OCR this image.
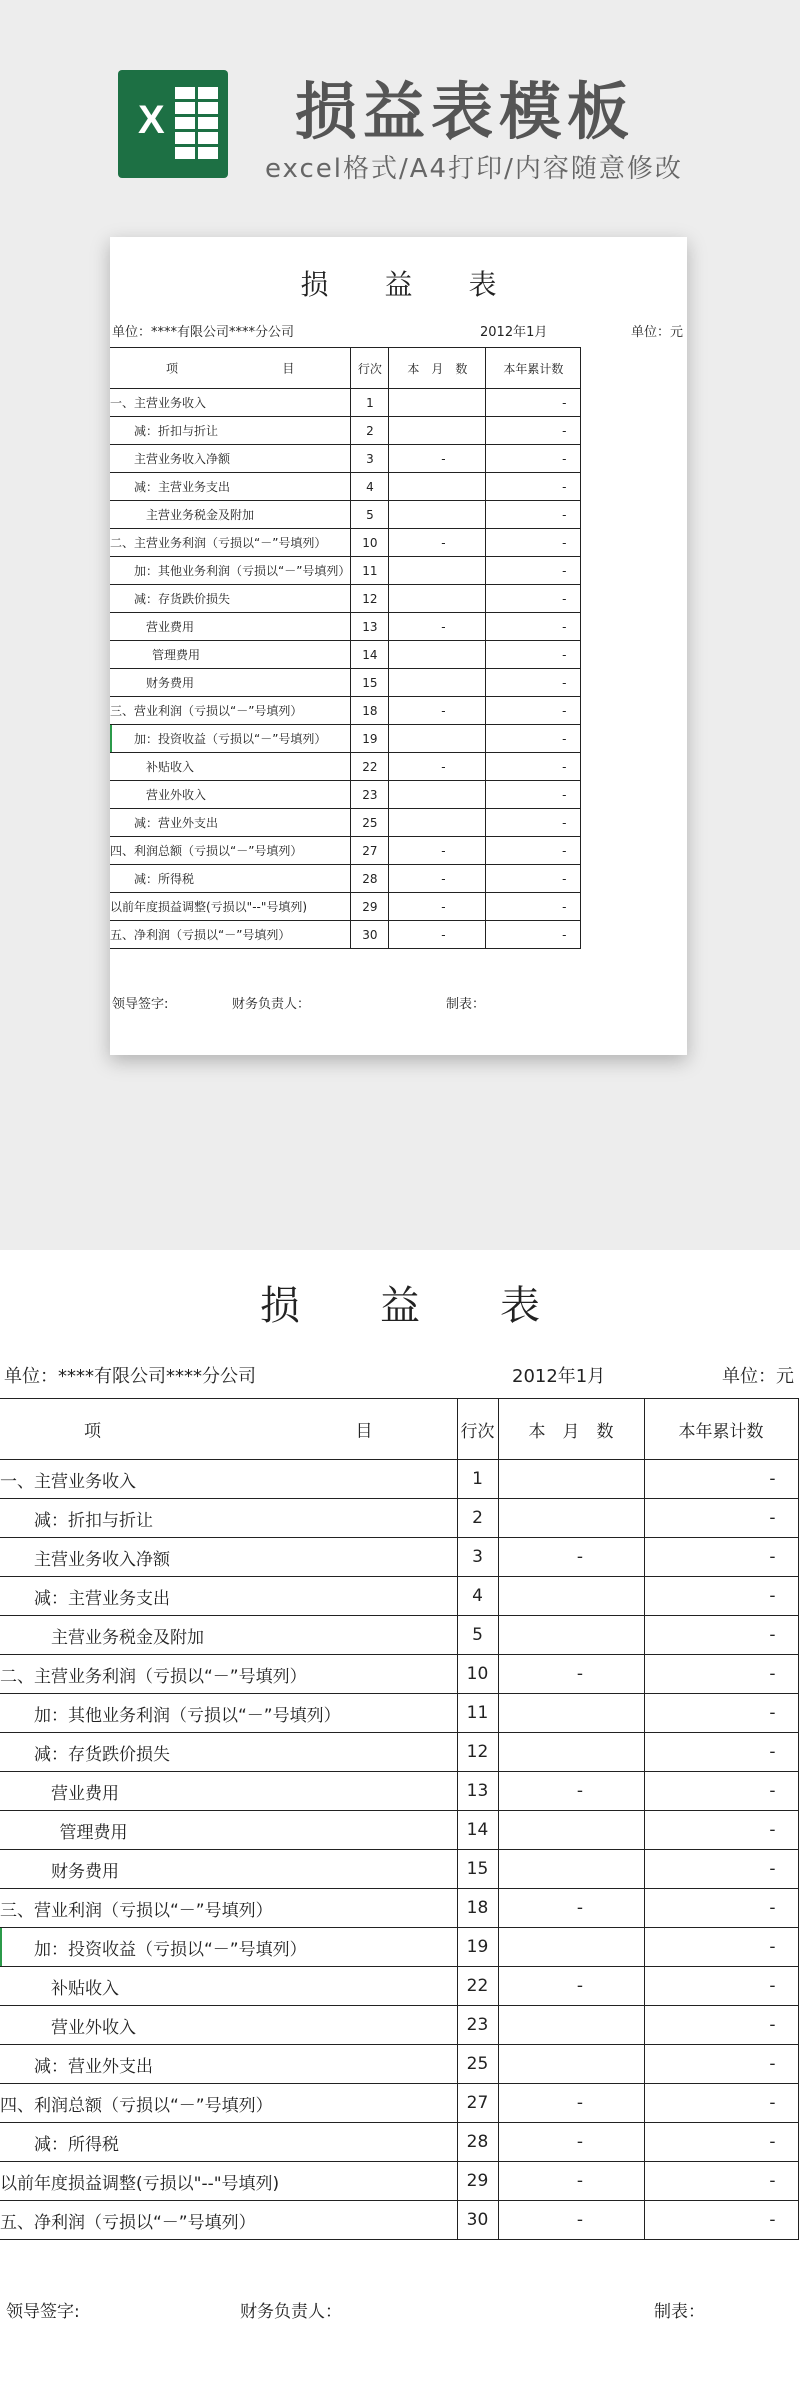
X 损益表模板
excel格式/A4打印/内容随意修改
损 益 表
单位：****有限公司****分公司	2012年1月	单位：元
项 目	行次	本　月　数	本年累计数
一、主营业务收入	1		-
减：折扣与折让	2		-
主营业务收入净额	3	-	-
减：主营业务支出	4		-
主营业务税金及附加	5		-
二、主营业务利润（亏损以“－”号填列）	10	-	-
加：其他业务利润（亏损以“－”号填列）	11		-
减：存货跌价损失	12		-
营业费用	13	-	-
管理费用	14		-
财务费用	15		-
三、营业利润（亏损以“－”号填列）	18	-	-
加：投资收益（亏损以“－”号填列）	19		-
补贴收入	22	-	-
营业外收入	23		-
减：营业外支出	25		-
四、利润总额（亏损以“－”号填列）	27	-	-
减：所得税	28	-	-
以前年度损益调整(亏损以"--"号填列)	29	-	-
五、净利润（亏损以“－”号填列）	30	-	-
领导签字:	财务负责人：	制表：
损 益 表
单位：****有限公司****分公司	2012年1月	单位：元
项 目	行次	本　月　数	本年累计数
一、主营业务收入	1		-
减：折扣与折让	2		-
主营业务收入净额	3	-	-
减：主营业务支出	4		-
主营业务税金及附加	5		-
二、主营业务利润（亏损以“－”号填列）	10	-	-
加：其他业务利润（亏损以“－”号填列）	11		-
减：存货跌价损失	12		-
营业费用	13	-	-
管理费用	14		-
财务费用	15		-
三、营业利润（亏损以“－”号填列）	18	-	-
加：投资收益（亏损以“－”号填列）	19		-
补贴收入	22	-	-
营业外收入	23		-
减：营业外支出	25		-
四、利润总额（亏损以“－”号填列）	27	-	-
减：所得税	28	-	-
以前年度损益调整(亏损以"--"号填列)	29	-	-
五、净利润（亏损以“－”号填列）	30	-	-
领导签字:	财务负责人：	制表：
